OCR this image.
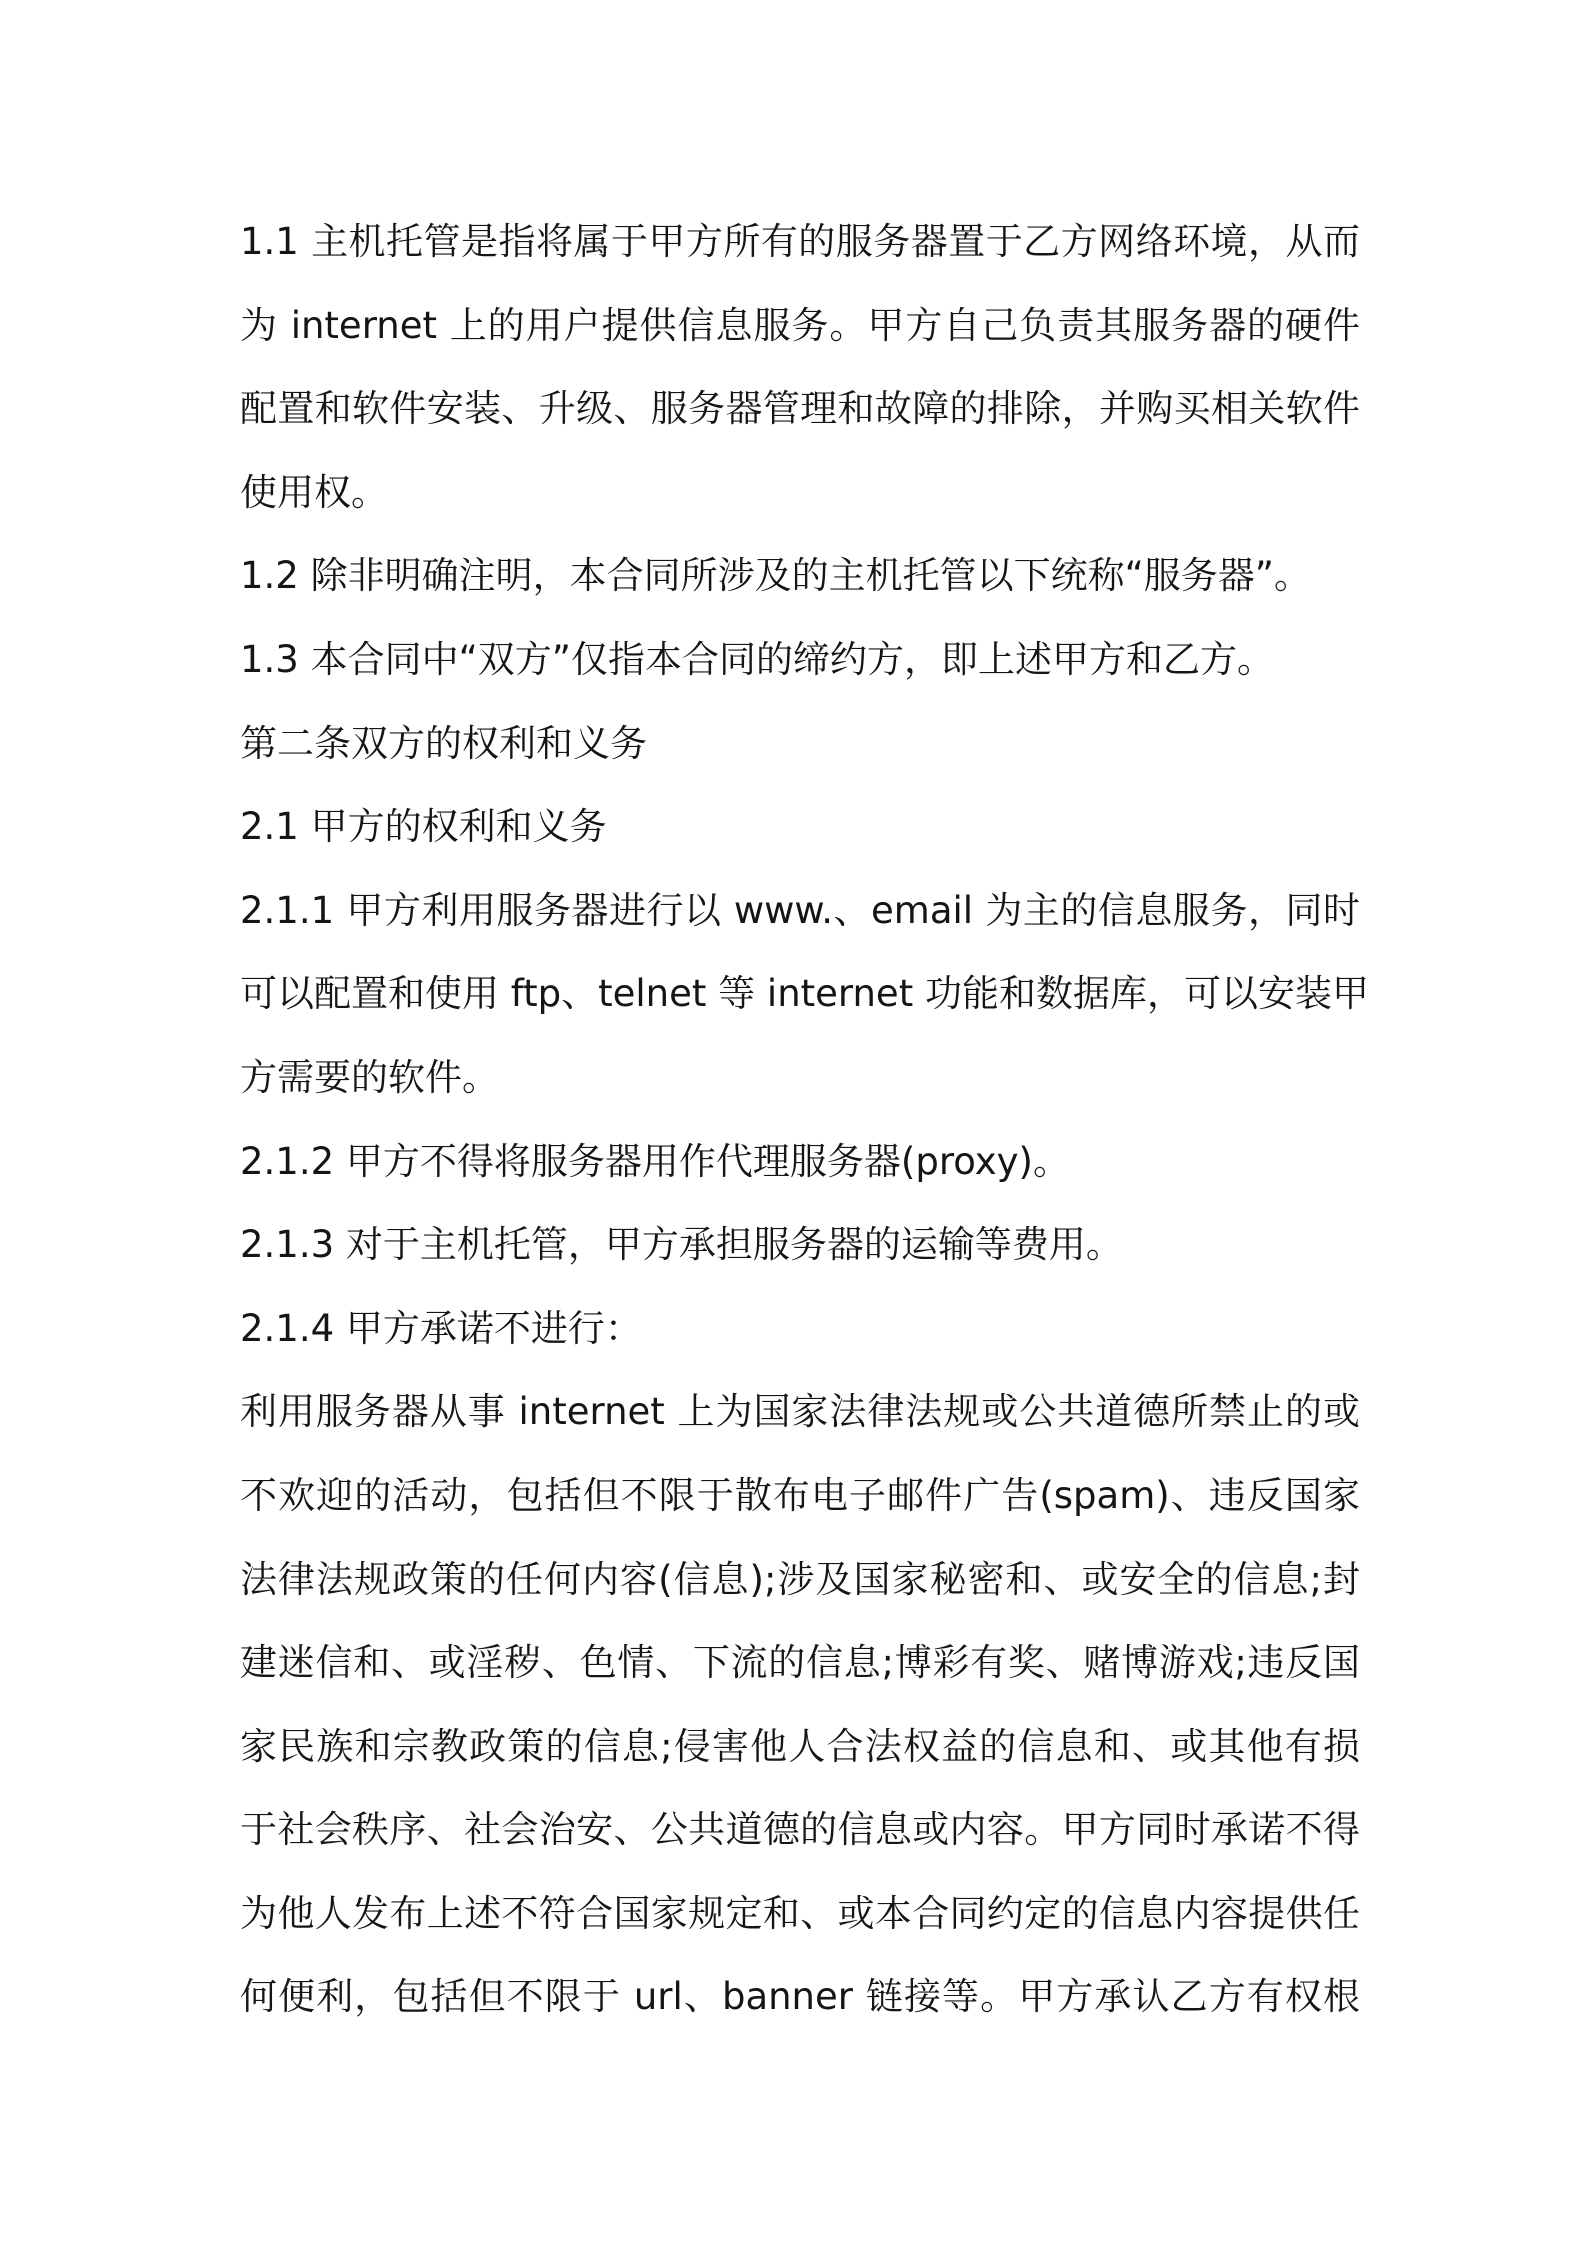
1.1 主机托管是指将属于甲方所有的服务器置于乙方网络环境，从而
为 internet 上的用户提供信息服务。甲方自己负责其服务器的硬件
配置和软件安装、升级、服务器管理和故障的排除，并购买相关软件
使用权。
1.2 除非明确注明，本合同所涉及的主机托管以下统称“服务器”。
1.3 本合同中“双方”仅指本合同的缔约方，即上述甲方和乙方。
第二条双方的权利和义务
2.1 甲方的权利和义务
2.1.1 甲方利用服务器进行以 www.、email 为主的信息服务，同时
可以配置和使用 ftp、telnet 等 internet 功能和数据库，可以安装甲
方需要的软件。
2.1.2 甲方不得将服务器用作代理服务器(proxy)。
2.1.3 对于主机托管，甲方承担服务器的运输等费用。
2.1.4 甲方承诺不进行：
利用服务器从事 internet 上为国家法律法规或公共道德所禁止的或
不欢迎的活动，包括但不限于散布电子邮件广告(spam)、违反国家
法律法规政策的任何内容(信息);涉及国家秘密和、或安全的信息;封
建迷信和、或淫秽、色情、下流的信息;博彩有奖、赌博游戏;违反国
家民族和宗教政策的信息;侵害他人合法权益的信息和、或其他有损
于社会秩序、社会治安、公共道德的信息或内容。甲方同时承诺不得
为他人发布上述不符合国家规定和、或本合同约定的信息内容提供任
何便利，包括但不限于 url、banner 链接等。甲方承认乙方有权根
